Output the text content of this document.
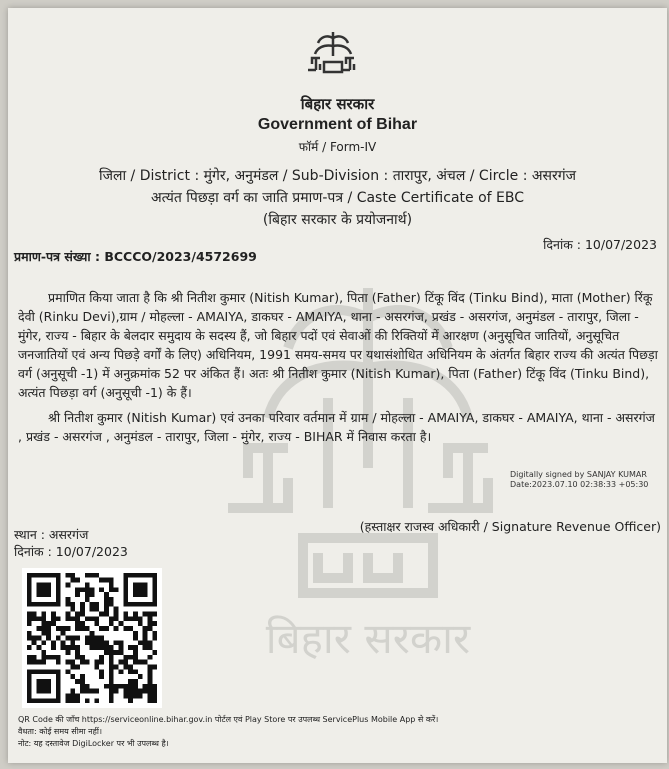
बिहार सरकार
बिहार सरकार
Government of Bihar
फॉर्म / Form-IV
जिला / District : मुंगेर, अनुमंडल / Sub-Division : तारापुर, अंचल / Circle : असरगंज
अत्यंत पिछड़ा वर्ग का जाति प्रमाण-पत्र / Caste Certificate of EBC
(बिहार सरकार के प्रयोजनार्थ)
दिनांक : 10/07/2023
प्रमाण-पत्र संख्या : BCCCO/2023/4572699
प्रमाणित किया जाता है कि श्री नितीश कुमार (Nitish Kumar), पिता (Father) टिंकू विंद (Tinku Bind), माता (Mother) रिंकू
देवी (Rinku Devi),ग्राम / मोहल्ला - AMAIYA, डाकघर - AMAIYA, थाना - असरगंज, प्रखंड - असरगंज, अनुमंडल - तारापुर, जिला -
मुंगेर, राज्य - बिहार के बेलदार समुदाय के सदस्य हैं, जो बिहार पदों एवं सेवाओं की रिक्तियों में आरक्षण (अनुसूचित जातियों, अनुसूचित
जनजातियों एवं अन्य पिछड़े वर्गों के लिए) अधिनियम, 1991 समय-समय पर यथासंशोधित अधिनियम के अंतर्गत बिहार राज्य की अत्यंत पिछड़ा
वर्ग (अनुसूची -1) में अनुक्रमांक 52 पर अंकित हैं। अतः श्री नितीश कुमार (Nitish Kumar), पिता (Father) टिंकू विंद (Tinku Bind),
अत्यंत पिछड़ा वर्ग (अनुसूची -1) के हैं।
श्री नितीश कुमार (Nitish Kumar) एवं उनका परिवार वर्तमान में ग्राम / मोहल्ला - AMAIYA, डाकघर - AMAIYA, थाना - असरगंज
, प्रखंड - असरगंज , अनुमंडल - तारापुर, जिला - मुंगेर, राज्य - BIHAR में निवास करता है।
Digitally signed by SANJAY KUMAR
Date:2023.07.10 02:38:33 +05:30
(हस्ताक्षर राजस्व अधिकारी / Signature Revenue Officer)
स्थान : असरगंज
दिनांक : 10/07/2023
QR Code की जाँच https://serviceonline.bihar.gov.in पोर्टल एवं Play Store पर उपलब्ध ServicePlus Mobile App से करें।
वैधता: कोई समय सीमा नहीं।
नोट: यह दस्तावेज DigiLocker पर भी उपलब्ध है।
